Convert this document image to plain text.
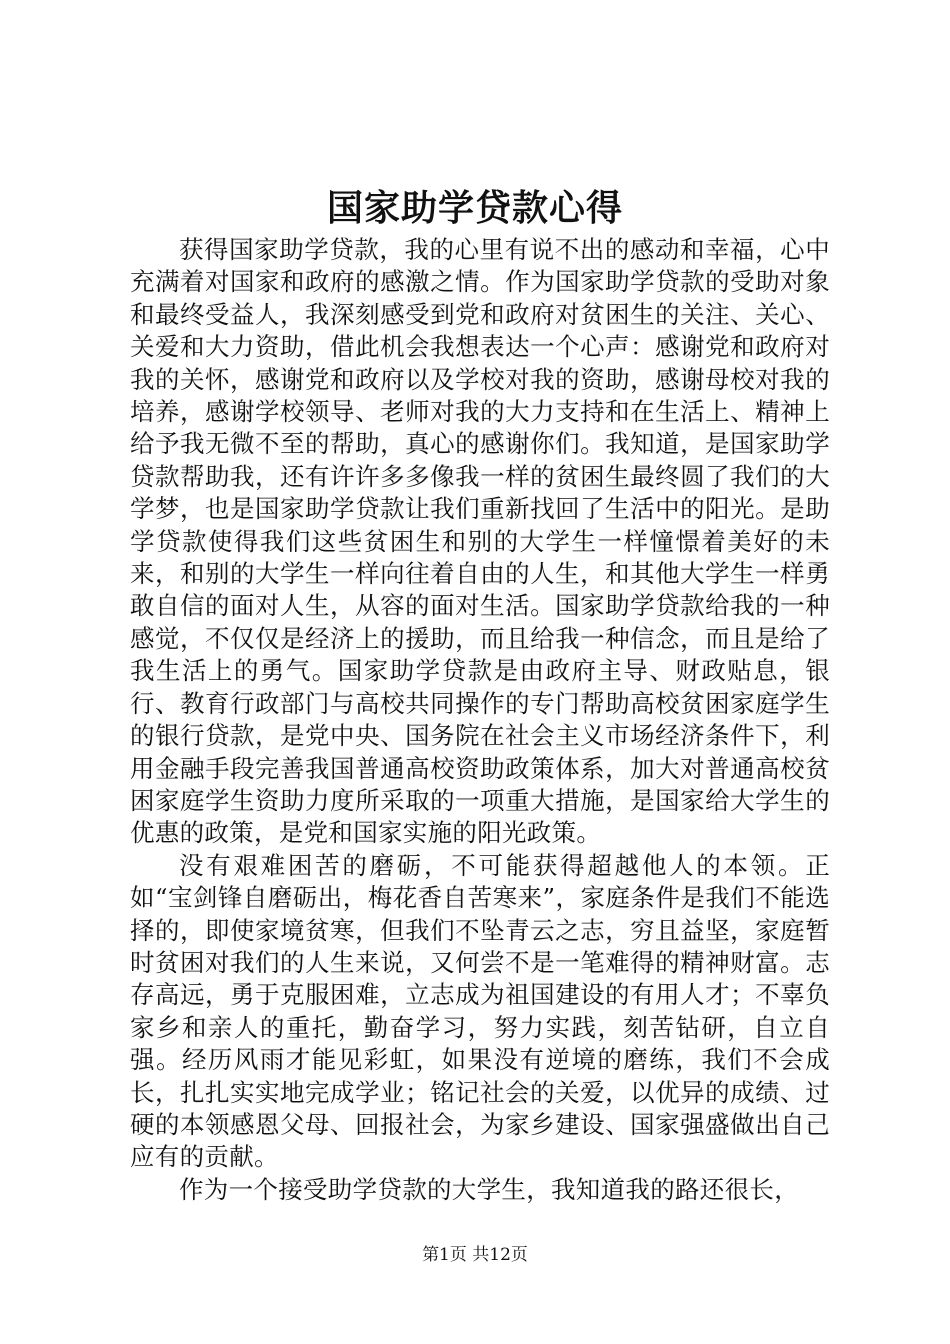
国家助学贷款心得

获得国家助学贷款，我的心里有说不出的感动和幸福，心中充满着对国家和政府的感激之情。作为国家助学贷款的受助对象和最终受益人，我深刻感受到党和政府对贫困生的关注、关心、关爱和大力资助，借此机会我想表达一个心声：感谢党和政府对我的关怀，感谢党和政府以及学校对我的资助，感谢母校对我的培养，感谢学校领导、老师对我的大力支持和在生活上、精神上给予我无微不至的帮助，真心的感谢你们。我知道，是国家助学贷款帮助我，还有许许多多像我一样的贫困生最终圆了我们的大学梦，也是国家助学贷款让我们重新找回了生活中的阳光。是助学贷款使得我们这些贫困生和别的大学生一样憧憬着美好的未来，和别的大学生一样向往着自由的人生，和其他大学生一样勇敢自信的面对人生，从容的面对生活。国家助学贷款给我的一种感觉，不仅仅是经济上的援助，而且给我一种信念，而且是给了我生活上的勇气。国家助学贷款是由政府主导、财政贴息，银行、教育行政部门与高校共同操作的专门帮助高校贫困家庭学生的银行贷款，是党中央、国务院在社会主义市场经济条件下，利用金融手段完善我国普通高校资助政策体系，加大对普通高校贫困家庭学生资助力度所采取的一项重大措施，是国家给大学生的优惠的政策，是党和国家实施的阳光政策。

没有艰难困苦的磨砺，不可能获得超越他人的本领。正如“宝剑锋自磨砺出，梅花香自苦寒来”，家庭条件是我们不能选择的，即使家境贫寒，但我们不坠青云之志，穷且益坚，家庭暂时贫困对我们的人生来说，又何尝不是一笔难得的精神财富。志存高远，勇于克服困难，立志成为祖国建设的有用人才；不辜负家乡和亲人的重托，勤奋学习，努力实践，刻苦钻研，自立自强。经历风雨才能见彩虹，如果没有逆境的磨练，我们不会成长，扎扎实实地完成学业；铭记社会的关爱，以优异的成绩、过硬的本领感恩父母、回报社会，为家乡建设、国家强盛做出自己应有的贡献。

作为一个接受助学贷款的大学生，我知道我的路还很长，

第1页 共12页
